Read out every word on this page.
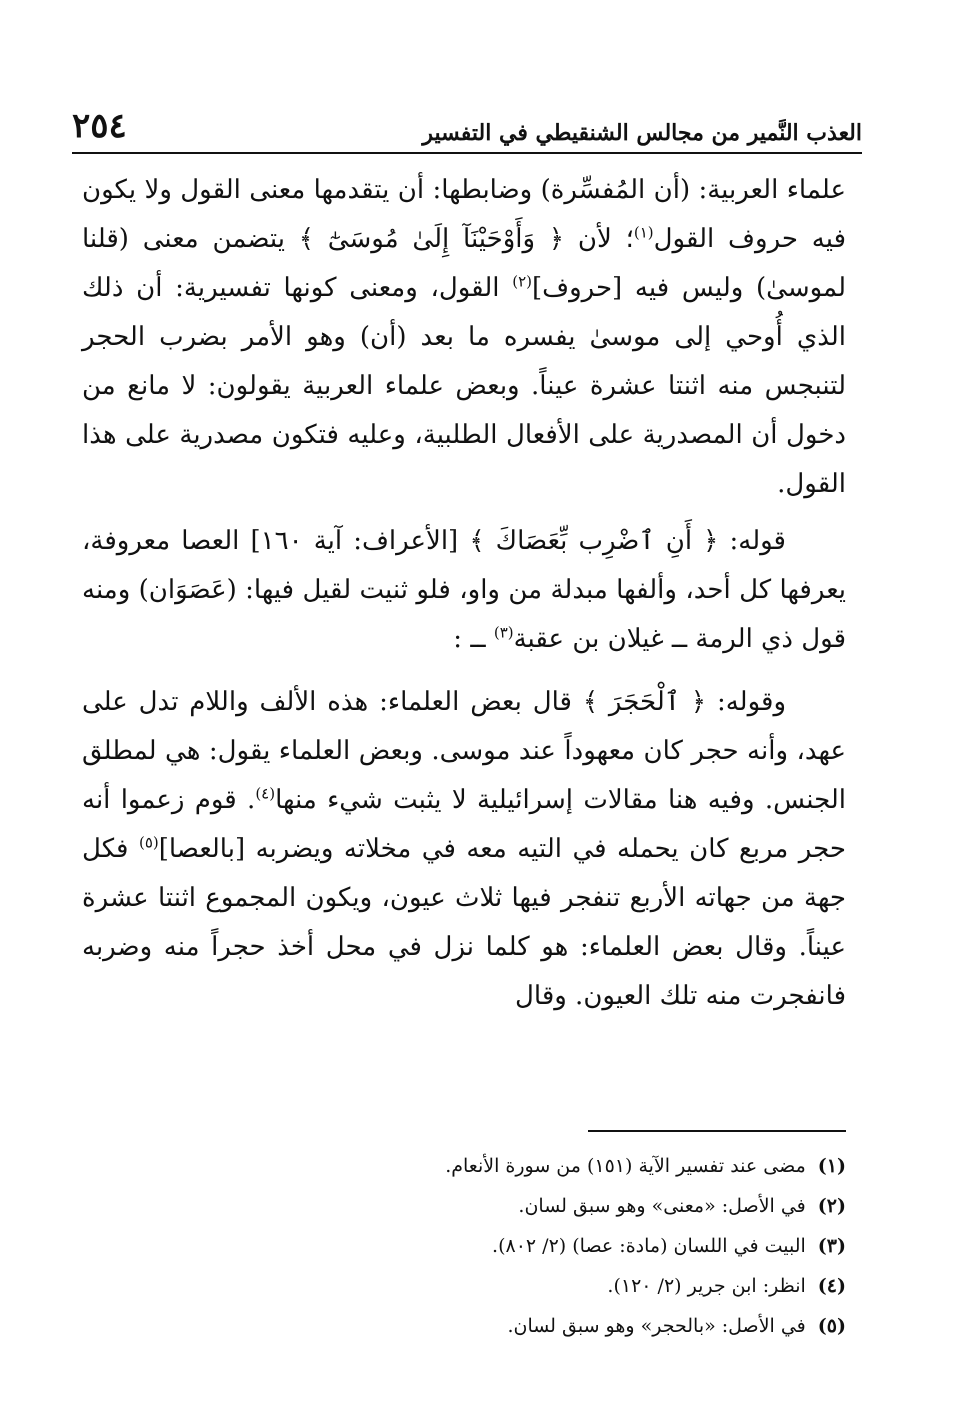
العذب النَّمير من مجالس الشنقيطي في التفسير
٢٥٤

علماء العربية: (أن المُفسِّرة) وضابطها: أن يتقدمها معنى القول ولا يكون فيه حروف القول$^{(١)}$؛ لأن ﴿ وَأَوْحَيْنَآ إِلَىٰ مُوسَىٰٓ ﴾ يتضمن معنى (قلنا لموسىٰ) وليس فيه [حروف]$^{(٢)}$ القول، ومعنى كونها تفسيرية: أن ذلك الذي أُوحي إلى موسىٰ يفسره ما بعد (أن) وهو الأمر بضرب الحجر لتنبجس منه اثنتا عشرة عيناً. وبعض علماء العربية يقولون: لا مانع من دخول أن المصدرية على الأفعال الطلبية، وعليه فتكون مصدرية على هذا القول.

قوله: ﴿ أَنِ ٱضْرِب بِّعَصَاكَ ﴾ [الأعراف: آية ١٦٠] العصا معروفة، يعرفها كل أحد، وألفها مبدلة من واو، فلو ثنيت لقيل فيها: (عَصَوَان) ومنه قول ذي الرمة ــ غيلان بن عقبة$^{(٣)}$ ــ :

وقوله: ﴿ ٱلْحَجَرَ ﴾ قال بعض العلماء: هذه الألف واللام تدل على عهد، وأنه حجر كان معهوداً عند موسى. وبعض العلماء يقول: هي لمطلق الجنس. وفيه هنا مقالات إسرائيلية لا يثبت شيء منها$^{(٤)}$. قوم زعموا أنه حجر مربع كان يحمله في التيه معه في مخلاته ويضربه [بالعصا]$^{(٥)}$ فكل جهة من جهاته الأربع تنفجر فيها ثلاث عيون، ويكون المجموع اثنتا عشرة عيناً. وقال بعض العلماء: هو كلما نزل في محل أخذ حجراً منه وضربه فانفجرت منه تلك العيون. وقال

(١)
مضى عند تفسير الآية (١٥١) من سورة الأنعام.
(٢)
في الأصل: «معنى» وهو سبق لسان.
(٣)
البيت في اللسان (مادة: عصا) (٢/ ٨٠٢).
(٤)
انظر: ابن جرير (٢/ ١٢٠).
(٥)
في الأصل: «بالحجر» وهو سبق لسان.
